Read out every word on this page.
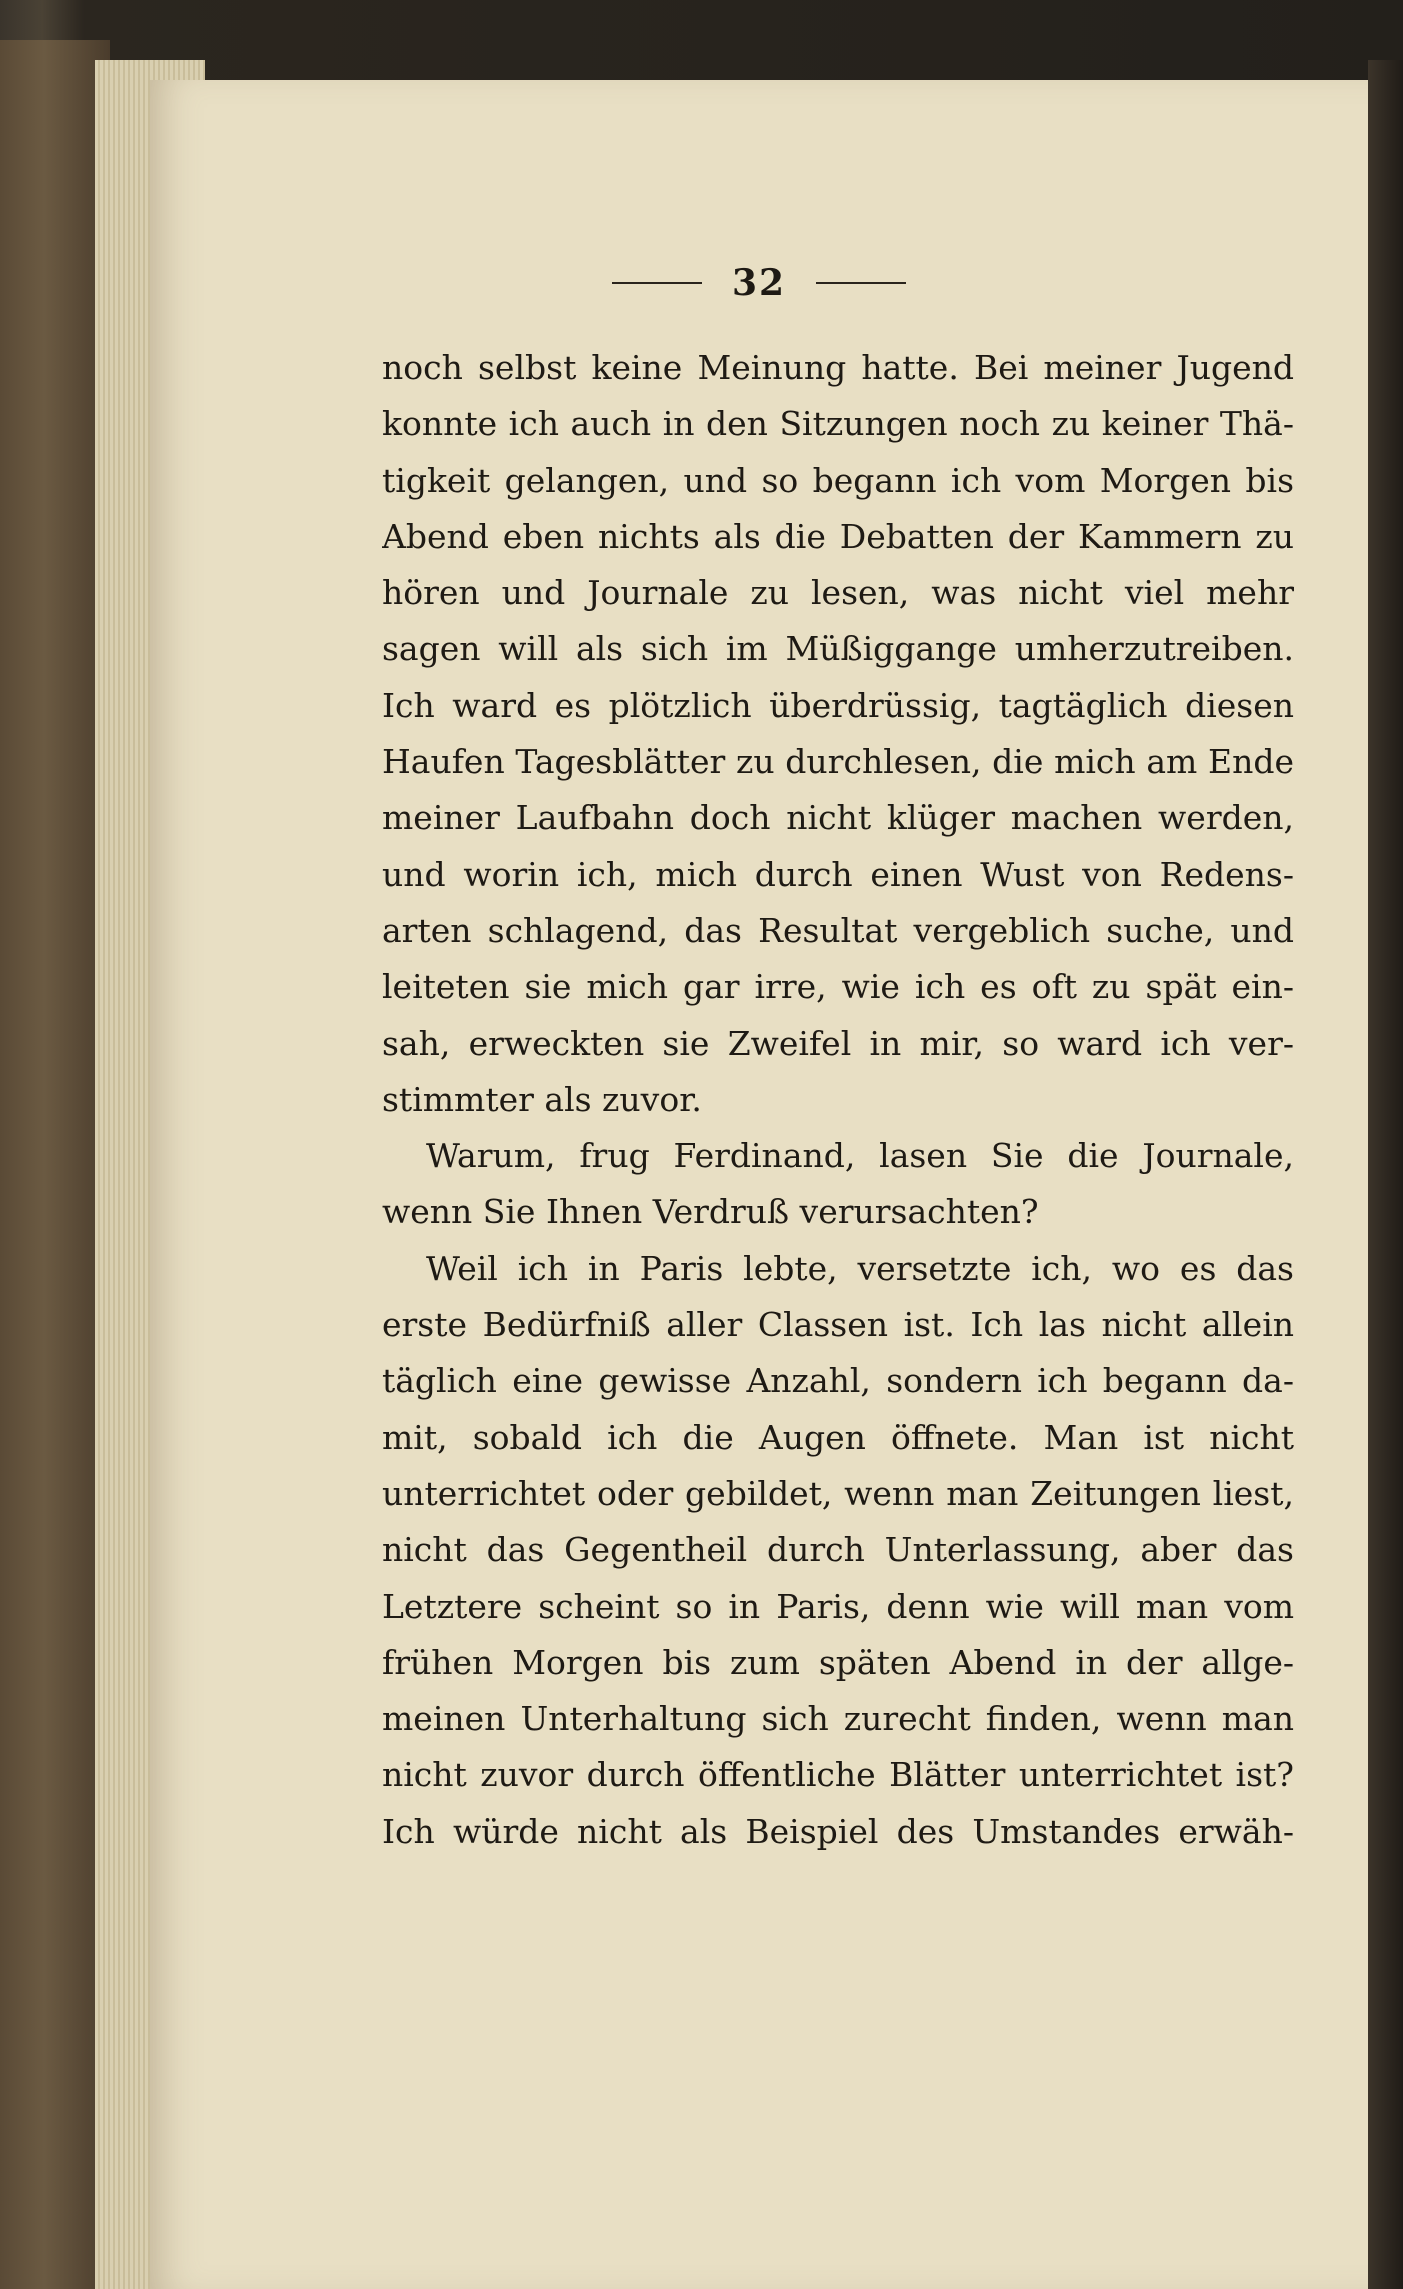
32
noch selbst keine Meinung hatte. Bei meiner Jugend
konnte ich auch in den Sitzungen noch zu keiner Thä-
tigkeit gelangen, und so begann ich vom Morgen bis
Abend eben nichts als die Debatten der Kammern zu
hören und Journale zu lesen, was nicht viel mehr
sagen will als sich im Müßiggange umherzutreiben.
Ich ward es plötzlich überdrüssig, tagtäglich diesen
Haufen Tagesblätter zu durchlesen, die mich am Ende
meiner Laufbahn doch nicht klüger machen werden,
und worin ich, mich durch einen Wust von Redens-
arten schlagend, das Resultat vergeblich suche, und
leiteten sie mich gar irre, wie ich es oft zu spät ein-
sah, erweckten sie Zweifel in mir, so ward ich ver-
stimmter als zuvor.
Warum, frug Ferdinand, lasen Sie die Journale,
wenn Sie Ihnen Verdruß verursachten?
Weil ich in Paris lebte, versetzte ich, wo es das
erste Bedürfniß aller Classen ist. Ich las nicht allein
täglich eine gewisse Anzahl, sondern ich begann da-
mit, sobald ich die Augen öffnete. Man ist nicht
unterrichtet oder gebildet, wenn man Zeitungen liest,
nicht das Gegentheil durch Unterlassung, aber das
Letztere scheint so in Paris, denn wie will man vom
frühen Morgen bis zum späten Abend in der allge-
meinen Unterhaltung sich zurecht finden, wenn man
nicht zuvor durch öffentliche Blätter unterrichtet ist?
Ich würde nicht als Beispiel des Umstandes erwäh-
